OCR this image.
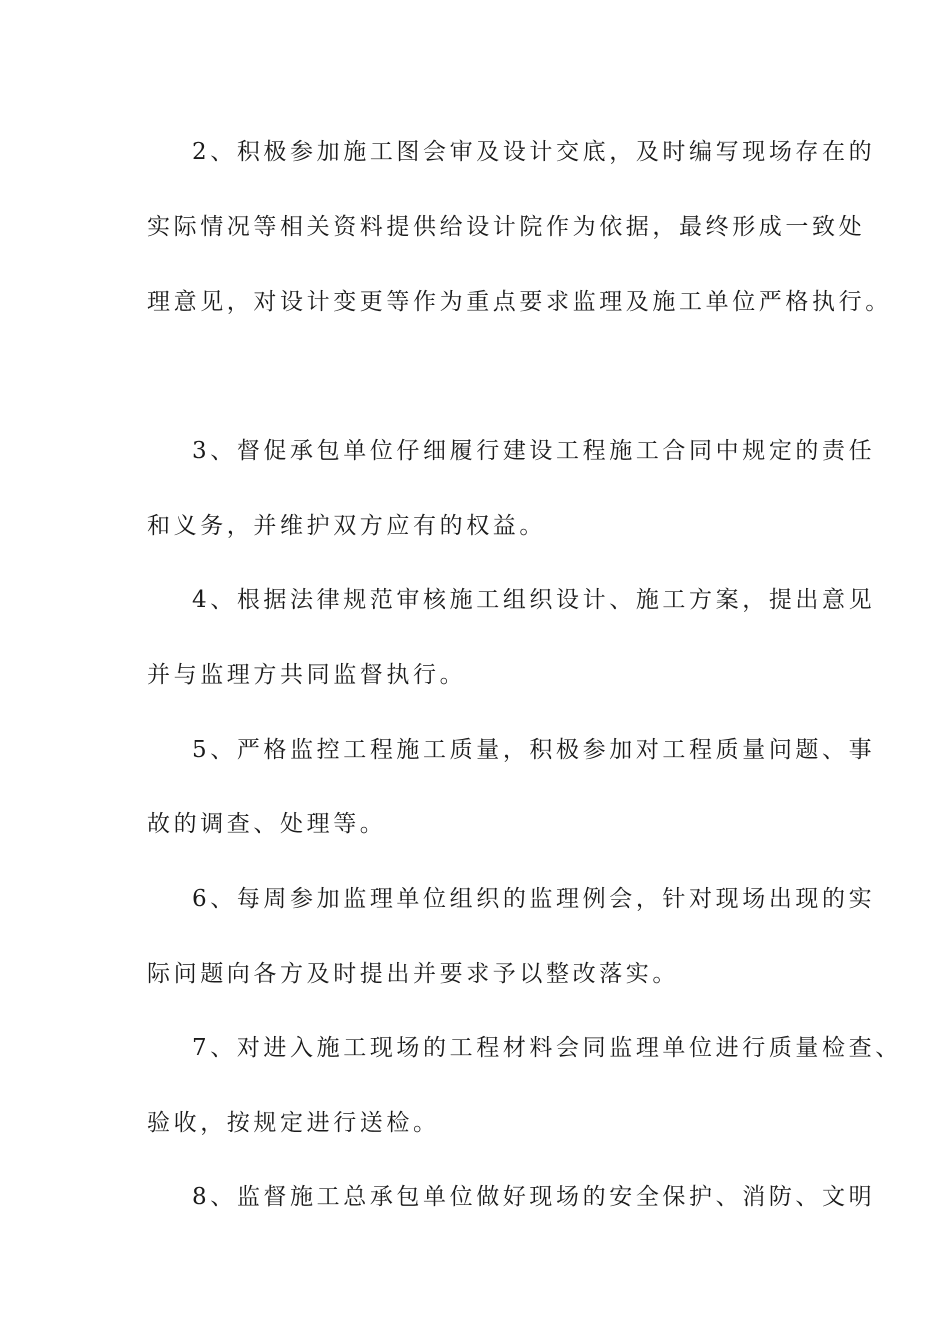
2、积极参加施工图会审及设计交底，及时编写现场存在的
实际情况等相关资料提供给设计院作为依据，最终形成一致处
理意见，对设计变更等作为重点要求监理及施工单位严格执行。
3、督促承包单位仔细履行建设工程施工合同中规定的责任
和义务，并维护双方应有的权益。
4、根据法律规范审核施工组织设计、施工方案，提出意见
并与监理方共同监督执行。
5、严格监控工程施工质量，积极参加对工程质量问题、事
故的调查、处理等。
6、每周参加监理单位组织的监理例会，针对现场出现的实
际问题向各方及时提出并要求予以整改落实。
7、对进入施工现场的工程材料会同监理单位进行质量检查、
验收，按规定进行送检。
8、监督施工总承包单位做好现场的安全保护、消防、文明
